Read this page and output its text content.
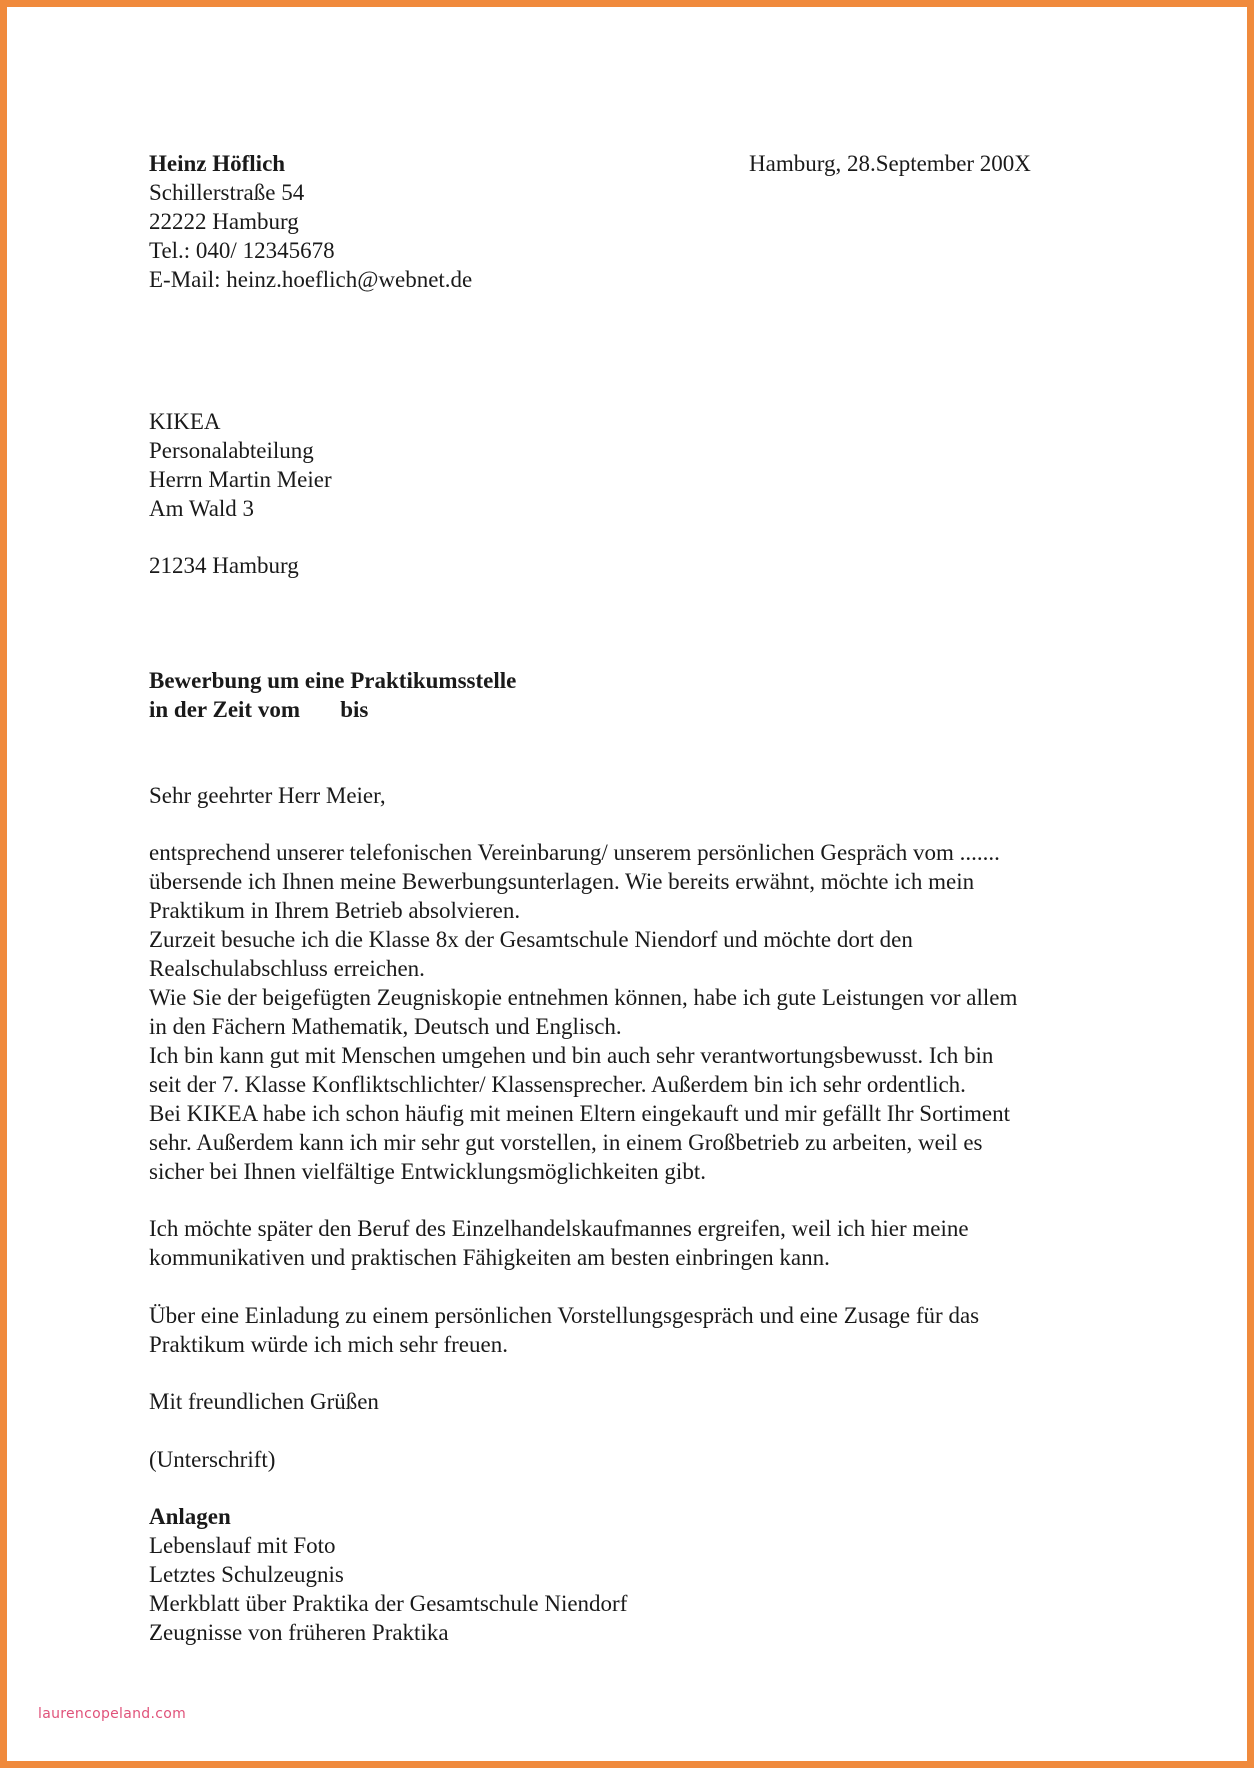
Heinz Höflich
Schillerstraße 54
22222 Hamburg
Tel.: 040/ 12345678
E-Mail: heinz.hoeflich@webnet.de
Hamburg, 28.September 200X
KIKEA
Personalabteilung
Herrn Martin Meier
Am Wald 3
21234 Hamburg
Bewerbung um eine Praktikumsstelle
in der Zeit vom       bis
Sehr geehrter Herr Meier,
entsprechend unserer telefonischen Vereinbarung/ unserem persönlichen Gespräch vom .......
übersende ich Ihnen meine Bewerbungsunterlagen. Wie bereits erwähnt, möchte ich mein
Praktikum in Ihrem Betrieb absolvieren.
Zurzeit besuche ich die Klasse 8x der Gesamtschule Niendorf und möchte dort den
Realschulabschluss erreichen.
Wie Sie der beigefügten Zeugniskopie entnehmen können, habe ich gute Leistungen vor allem
in den Fächern Mathematik, Deutsch und Englisch.
Ich bin kann gut mit Menschen umgehen und bin auch sehr verantwortungsbewusst. Ich bin
seit der 7. Klasse Konfliktschlichter/ Klassensprecher. Außerdem bin ich sehr ordentlich.
Bei KIKEA habe ich schon häufig mit meinen Eltern eingekauft und mir gefällt Ihr Sortiment
sehr. Außerdem kann ich mir sehr gut vorstellen, in einem Großbetrieb zu arbeiten, weil es
sicher bei Ihnen vielfältige Entwicklungsmöglichkeiten gibt.
Ich möchte später den Beruf des Einzelhandelskaufmannes ergreifen, weil ich hier meine
kommunikativen und praktischen Fähigkeiten am besten einbringen kann.
Über eine Einladung zu einem persönlichen Vorstellungsgespräch und eine Zusage für das
Praktikum würde ich mich sehr freuen.
Mit freundlichen Grüßen
(Unterschrift)
Anlagen
Lebenslauf mit Foto
Letztes Schulzeugnis
Merkblatt über Praktika der Gesamtschule Niendorf
Zeugnisse von früheren Praktika
laurencopeland.com
